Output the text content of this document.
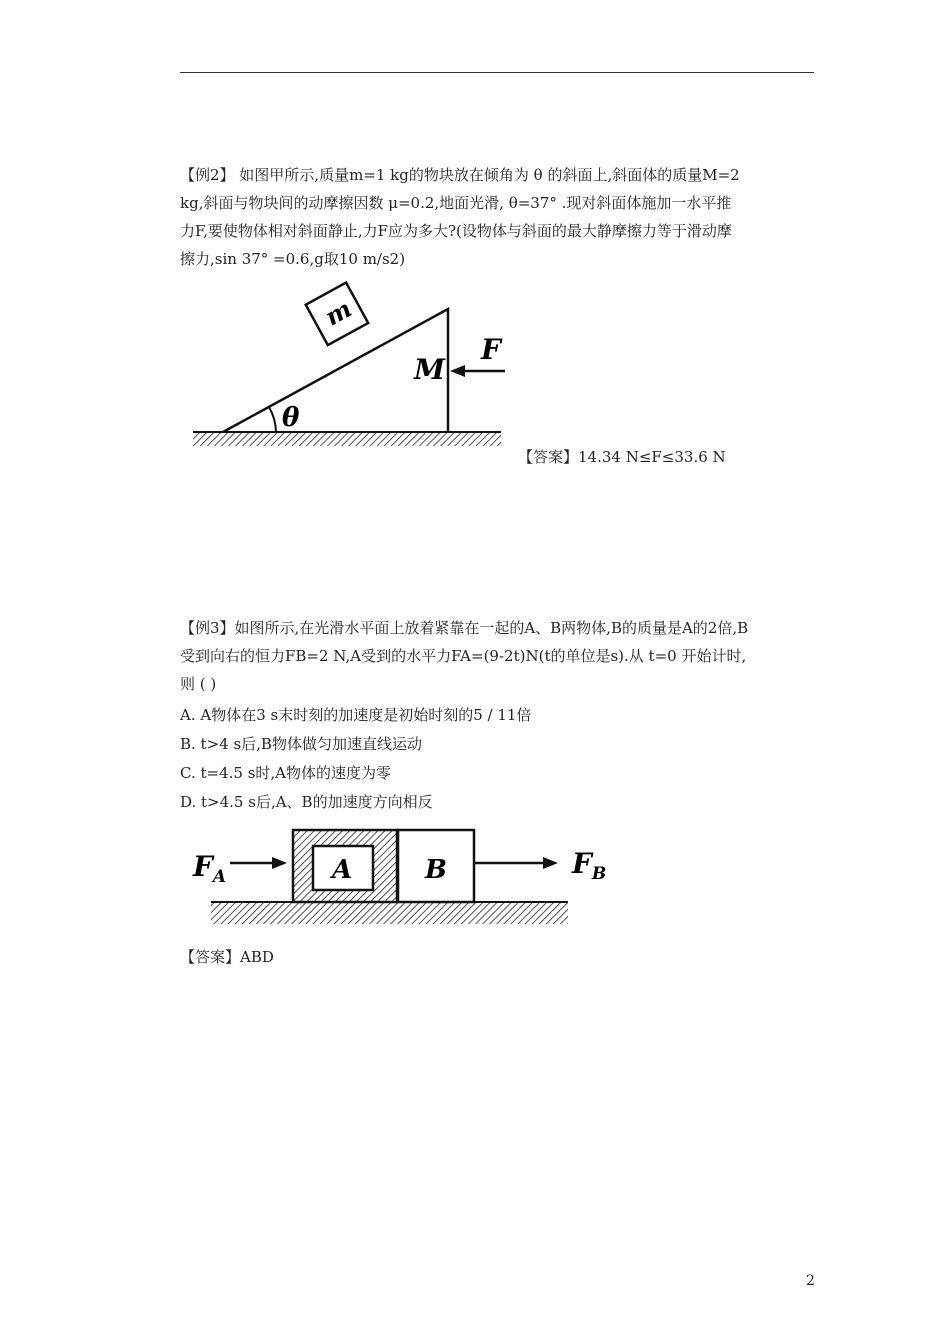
【例2】 如图甲所示,质量m=1 kg的物块放在倾角为 θ 的斜面上,斜面体的质量M=2
kg,斜面与物块间的动摩擦因数 μ=0.2,地面光滑, θ=37° .现对斜面体施加一水平推
力F,要使物体相对斜面静止,力F应为多大?(设物体与斜面的最大静摩擦力等于滑动摩
擦力,sin 37° =0.6,g取10 m/s2)
θ
m
M
F
【答案】14.34 N≤F≤33.6 N
【例3】如图所示,在光滑水平面上放着紧靠在一起的A、B两物体,B的质量是A的2倍,B
受到向右的恒力FB=2 N,A受到的水平力FA=(9-2t)N(t的单位是s).从 t=0 开始计时,
则 ( )
A. A物体在3 s末时刻的加速度是初始时刻的5 / 11倍
B. t>4 s后,B物体做匀加速直线运动
C. t=4.5 s时,A物体的速度为零
D. t>4.5 s后,A、B的加速度方向相反
A	B
$F_A$	$F_B$
【答案】ABD
2
